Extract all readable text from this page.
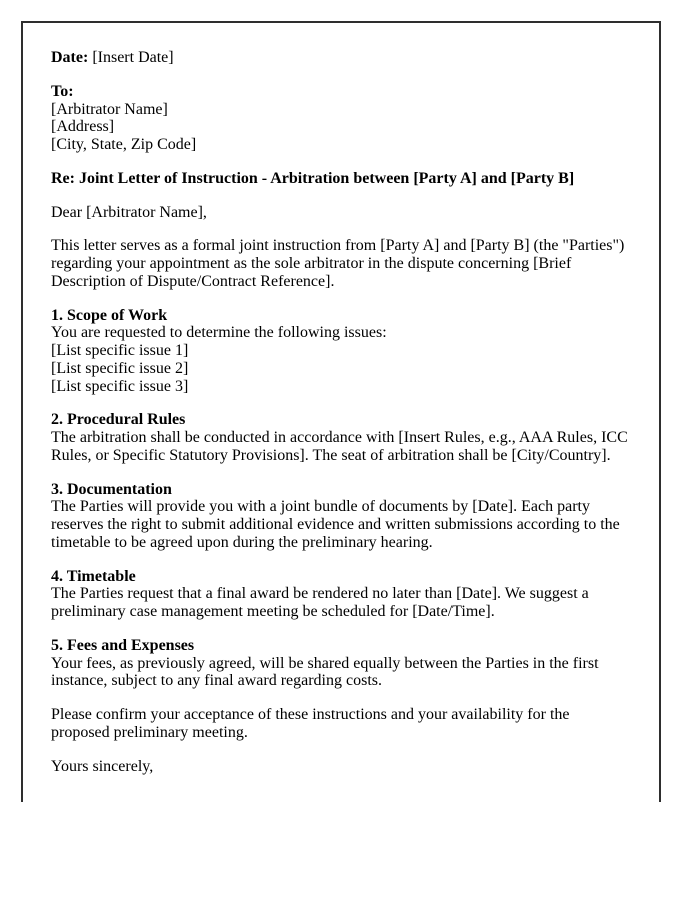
Date: [Insert Date]

To:
[Arbitrator Name]
[Address]
[City, State, Zip Code]

Re: Joint Letter of Instruction - Arbitration between [Party A] and [Party B]

Dear [Arbitrator Name],

This letter serves as a formal joint instruction from [Party A] and [Party B] (the "Parties") regarding your appointment as the sole arbitrator in the dispute concerning [Brief Description of Dispute/Contract Reference].

1. Scope of Work
You are requested to determine the following issues:
[List specific issue 1]
[List specific issue 2]
[List specific issue 3]

2. Procedural Rules
The arbitration shall be conducted in accordance with [Insert Rules, e.g., AAA Rules, ICC Rules, or Specific Statutory Provisions]. The seat of arbitration shall be [City/Country].

3. Documentation
The Parties will provide you with a joint bundle of documents by [Date]. Each party reserves the right to submit additional evidence and written submissions according to the timetable to be agreed upon during the preliminary hearing.

4. Timetable
The Parties request that a final award be rendered no later than [Date]. We suggest a preliminary case management meeting be scheduled for [Date/Time].

5. Fees and Expenses
Your fees, as previously agreed, will be shared equally between the Parties in the first instance, subject to any final award regarding costs.

Please confirm your acceptance of these instructions and your availability for the proposed preliminary meeting.

Yours sincerely,
